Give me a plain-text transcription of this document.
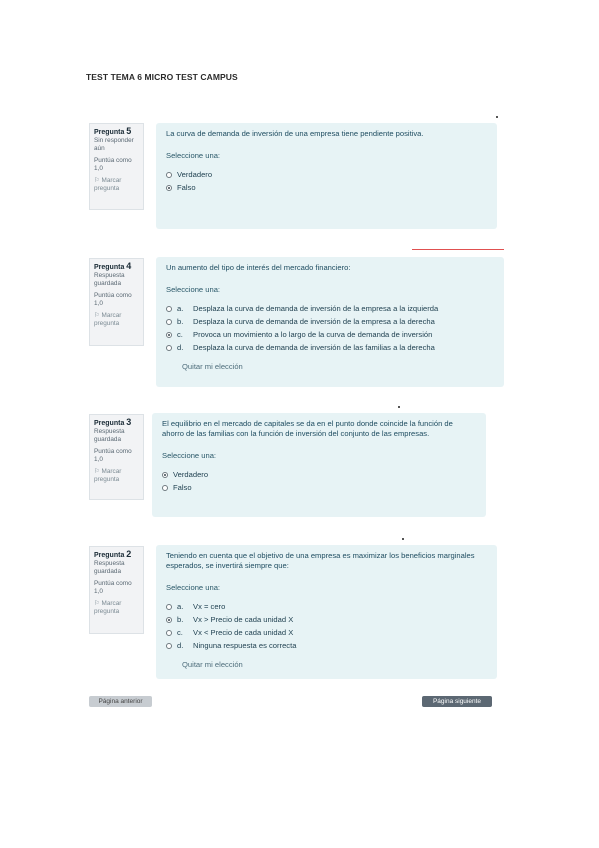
TEST TEMA 6 MICRO TEST CAMPUS
Pregunta 5
Sin responder aún
Puntúa como 1,0
⚐ Marcar pregunta
La curva de demanda de inversión de una empresa tiene pendiente positiva.
Seleccione una:
Verdadero
Falso
Pregunta 4
Respuesta guardada
Puntúa como 1,0
⚐ Marcar pregunta
Un aumento del tipo de interés del mercado financiero:
Seleccione una:
a.	Desplaza la curva de demanda de inversión de la empresa a la izquierda
b.	Desplaza la curva de demanda de inversión de la empresa a la derecha
c.	Provoca un movimiento a lo largo de la curva de demanda de inversión
d.	Desplaza la curva de demanda de inversión de las familias a la derecha
Quitar mi elección
Pregunta 3
Respuesta guardada
Puntúa como 1,0
⚐ Marcar pregunta
El equilibrio en el mercado de capitales se da en el punto donde coincide la función de ahorro de las familias con la función de inversión del conjunto de las empresas.
Seleccione una:
Verdadero
Falso
Pregunta 2
Respuesta guardada
Puntúa como 1,0
⚐ Marcar pregunta
Teniendo en cuenta que el objetivo de una empresa es maximizar los beneficios marginales esperados, se invertirá siempre que:
Seleccione una:
a.	Vx = cero
b.	Vx > Precio de cada unidad X
c.	Vx < Precio de cada unidad X
d.	Ninguna respuesta es correcta
Quitar mi elección
Página anterior	Página siguiente
